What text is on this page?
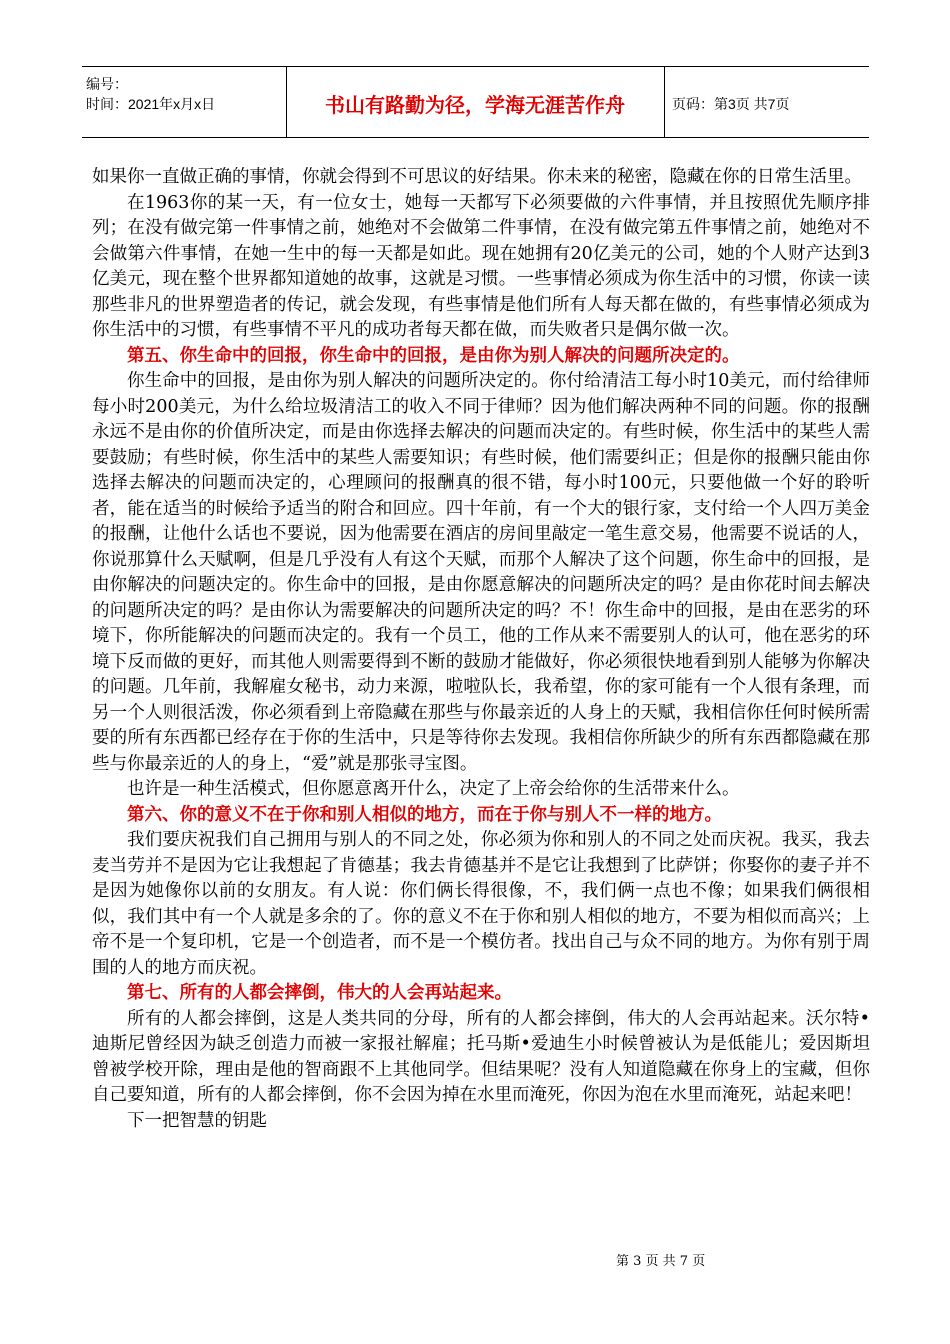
编号：
时间：2021年x月x日	书山有路勤为径，学海无涯苦作舟	页码：第3页 共7页

如果你一直做正确的事情，你就会得到不可思议的好结果。你未来的秘密，隐藏在你的日常生活里。

在1963你的某一天，有一位女士，她每一天都写下必须要做的六件事情，并且按照优先顺序排列；在没有做完第一件事情之前，她绝对不会做第二件事情，在没有做完第五件事情之前，她绝对不会做第六件事情，在她一生中的每一天都是如此。现在她拥有20亿美元的公司，她的个人财产达到3亿美元，现在整个世界都知道她的故事，这就是习惯。一些事情必须成为你生活中的习惯，你读一读那些非凡的世界塑造者的传记，就会发现，有些事情是他们所有人每天都在做的，有些事情必须成为你生活中的习惯，有些事情不平凡的成功者每天都在做，而失败者只是偶尔做一次。

第五、你生命中的回报，你生命中的回报，是由你为别人解决的问题所决定的。

你生命中的回报，是由你为别人解决的问题所决定的。你付给清洁工每小时10美元，而付给律师每小时200美元，为什么给垃圾清洁工的收入不同于律师？因为他们解决两种不同的问题。你的报酬永远不是由你的价值所决定，而是由你选择去解决的问题而决定的。有些时候，你生活中的某些人需要鼓励；有些时候，你生活中的某些人需要知识；有些时候，他们需要纠正；但是你的报酬只能由你选择去解决的问题而决定的，心理顾问的报酬真的很不错，每小时100元，只要他做一个好的聆听者，能在适当的时候给予适当的附合和回应。四十年前，有一个大的银行家，支付给一个人四万美金的报酬，让他什么话也不要说，因为他需要在酒店的房间里敲定一笔生意交易，他需要不说话的人，你说那算什么天赋啊，但是几乎没有人有这个天赋，而那个人解决了这个问题，你生命中的回报，是由你解决的问题决定的。你生命中的回报，是由你愿意解决的问题所决定的吗？是由你花时间去解决的问题所决定的吗？是由你认为需要解决的问题所决定的吗？不！你生命中的回报，是由在恶劣的环境下，你所能解决的问题而决定的。我有一个员工，他的工作从来不需要别人的认可，他在恶劣的环境下反而做的更好，而其他人则需要得到不断的鼓励才能做好，你必须很快地看到别人能够为你解决的问题。几年前，我解雇女秘书，动力来源，啦啦队长，我希望，你的家可能有一个人很有条理，而另一个人则很活泼，你必须看到上帝隐藏在那些与你最亲近的人身上的天赋，我相信你任何时候所需要的所有东西都已经存在于你的生活中，只是等待你去发现。我相信你所缺少的所有东西都隐藏在那些与你最亲近的人的身上，“爱”就是那张寻宝图。

也许是一种生活模式，但你愿意离开什么，决定了上帝会给你的生活带来什么。

第六、你的意义不在于你和别人相似的地方，而在于你与别人不一样的地方。

我们要庆祝我们自己拥用与别人的不同之处，你必须为你和别人的不同之处而庆祝。我买，我去麦当劳并不是因为它让我想起了肯德基；我去肯德基并不是它让我想到了比萨饼；你娶你的妻子并不是因为她像你以前的女朋友。有人说：你们俩长得很像，不，我们俩一点也不像；如果我们俩很相似，我们其中有一个人就是多余的了。你的意义不在于你和别人相似的地方，不要为相似而高兴；上帝不是一个复印机，它是一个创造者，而不是一个模仿者。找出自己与众不同的地方。为你有别于周围的人的地方而庆祝。

第七、所有的人都会摔倒，伟大的人会再站起来。

所有的人都会摔倒，这是人类共同的分母，所有的人都会摔倒，伟大的人会再站起来。沃尔特•迪斯尼曾经因为缺乏创造力而被一家报社解雇；托马斯•爱迪生小时候曾被认为是低能儿；爱因斯坦曾被学校开除，理由是他的智商跟不上其他同学。但结果呢？没有人知道隐藏在你身上的宝藏，但你自己要知道，所有的人都会摔倒，你不会因为掉在水里而淹死，你因为泡在水里而淹死，站起来吧！

下一把智慧的钥匙

第 3 页 共 7 页
